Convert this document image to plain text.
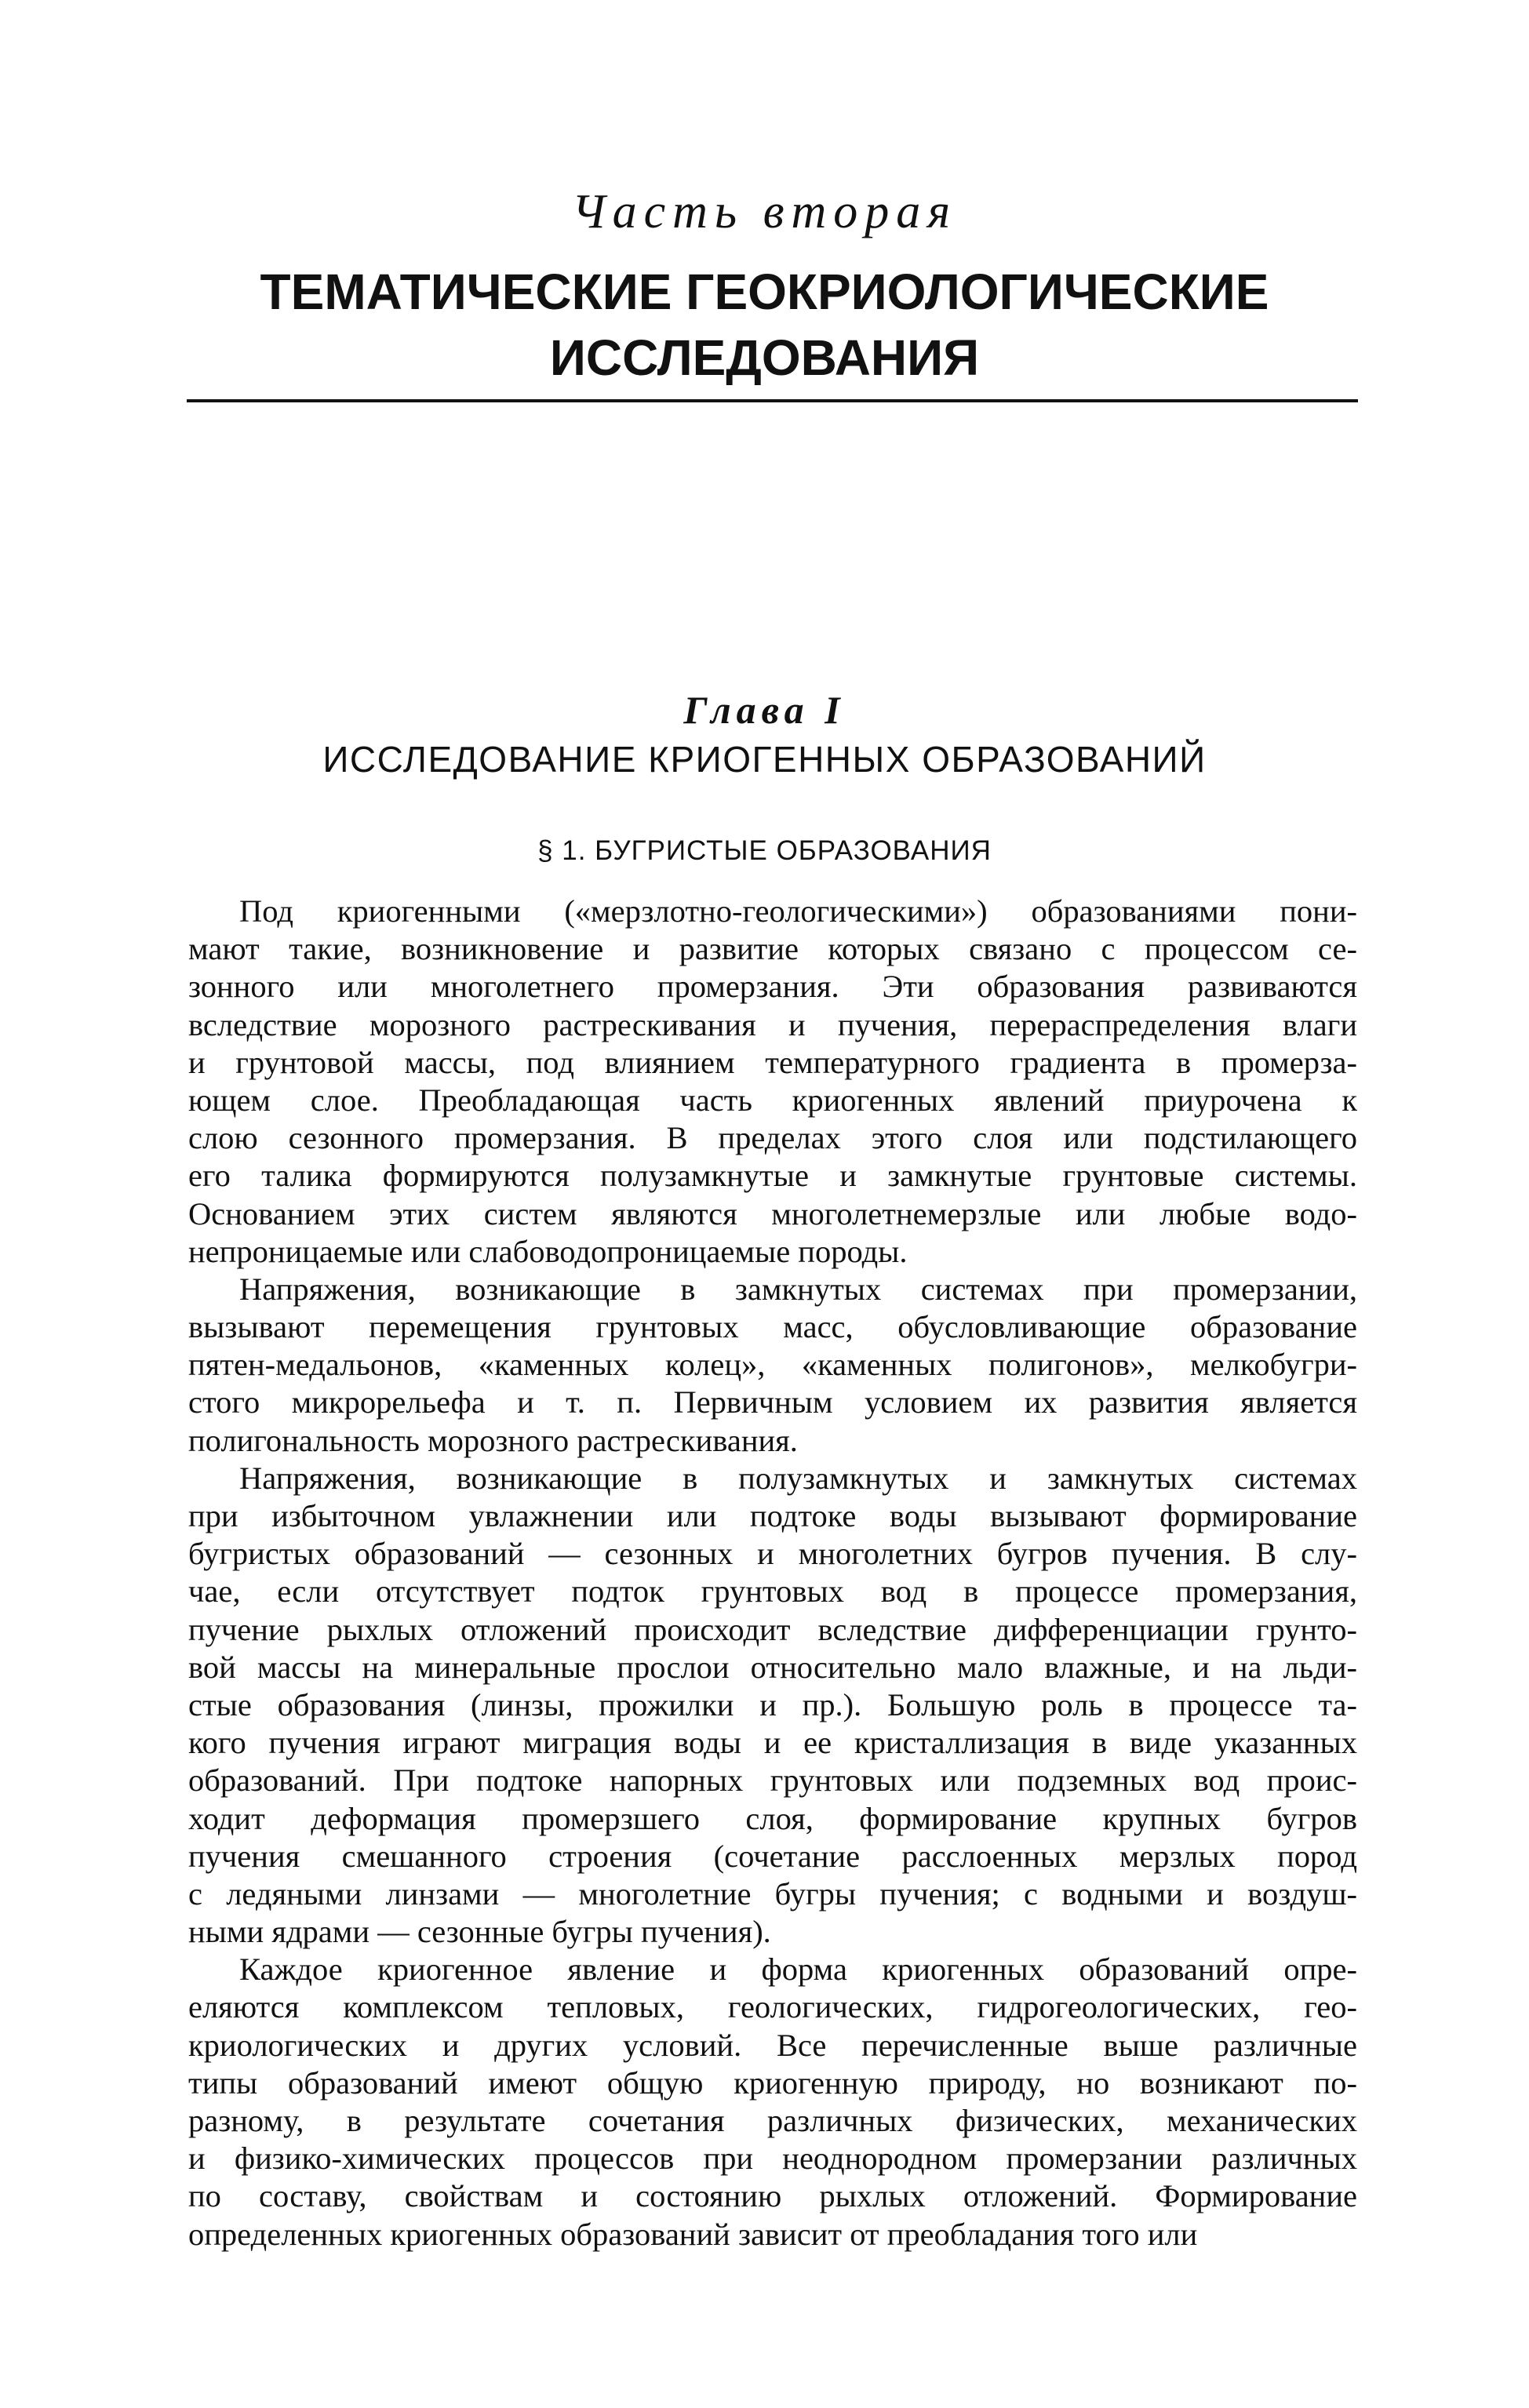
Часть вторая
ТЕМАТИЧЕСКИЕ ГЕОКРИОЛОГИЧЕСКИЕ
ИССЛЕДОВАНИЯ
Глава I
ИССЛЕДОВАНИЕ КРИОГЕННЫХ ОБРАЗОВАНИЙ
§ 1. БУГРИСТЫЕ ОБРАЗОВАНИЯ
Под криогенными («мерзлотно-геологическими») образованиями пони-
мают такие, возникновение и развитие которых связано с процессом се-
зонного или многолетнего промерзания. Эти образования развиваются
вследствие морозного растрескивания и пучения, перераспределения влаги
и грунтовой массы, под влиянием температурного градиента в промерза-
ющем слое. Преобладающая часть криогенных явлений приурочена к
слою сезонного промерзания. В пределах этого слоя или подстилающего
его талика формируются полузамкнутые и замкнутые грунтовые системы.
Основанием этих систем являются многолетнемерзлые или любые водо-
непроницаемые или слабоводопроницаемые породы.
Напряжения, возникающие в замкнутых системах при промерзании,
вызывают перемещения грунтовых масс, обусловливающие образование
пятен-медальонов, «каменных колец», «каменных полигонов», мелкобугри-
стого микрорельефа и т. п. Первичным условием их развития является
полигональность морозного растрескивания.
Напряжения, возникающие в полузамкнутых и замкнутых системах
при избыточном увлажнении или подтоке воды вызывают формирование
бугристых образований — сезонных и многолетних бугров пучения. В слу-
чае, если отсутствует подток грунтовых вод в процессе промерзания,
пучение рыхлых отложений происходит вследствие дифференциации грунто-
вой массы на минеральные прослои относительно мало влажные, и на льди-
стые образования (линзы, прожилки и пр.). Большую роль в процессе та-
кого пучения играют миграция воды и ее кристаллизация в виде указанных
образований. При подтоке напорных грунтовых или подземных вод проис-
ходит деформация промерзшего слоя, формирование крупных бугров
пучения смешанного строения (сочетание расслоенных мерзлых пород
с ледяными линзами — многолетние бугры пучения; с водными и воздуш-
ными ядрами — сезонные бугры пучения).
Каждое криогенное явление и форма криогенных образований опре-
еляются комплексом тепловых, геологических, гидрогеологических, гео-
криологических и других условий. Все перечисленные выше различные
типы образований имеют общую криогенную природу, но возникают по-
разному, в результате сочетания различных физических, механических
и физико-химических процессов при неоднородном промерзании различных
по составу, свойствам и состоянию рыхлых отложений. Формирование
определенных криогенных образований зависит от преобладания того или
